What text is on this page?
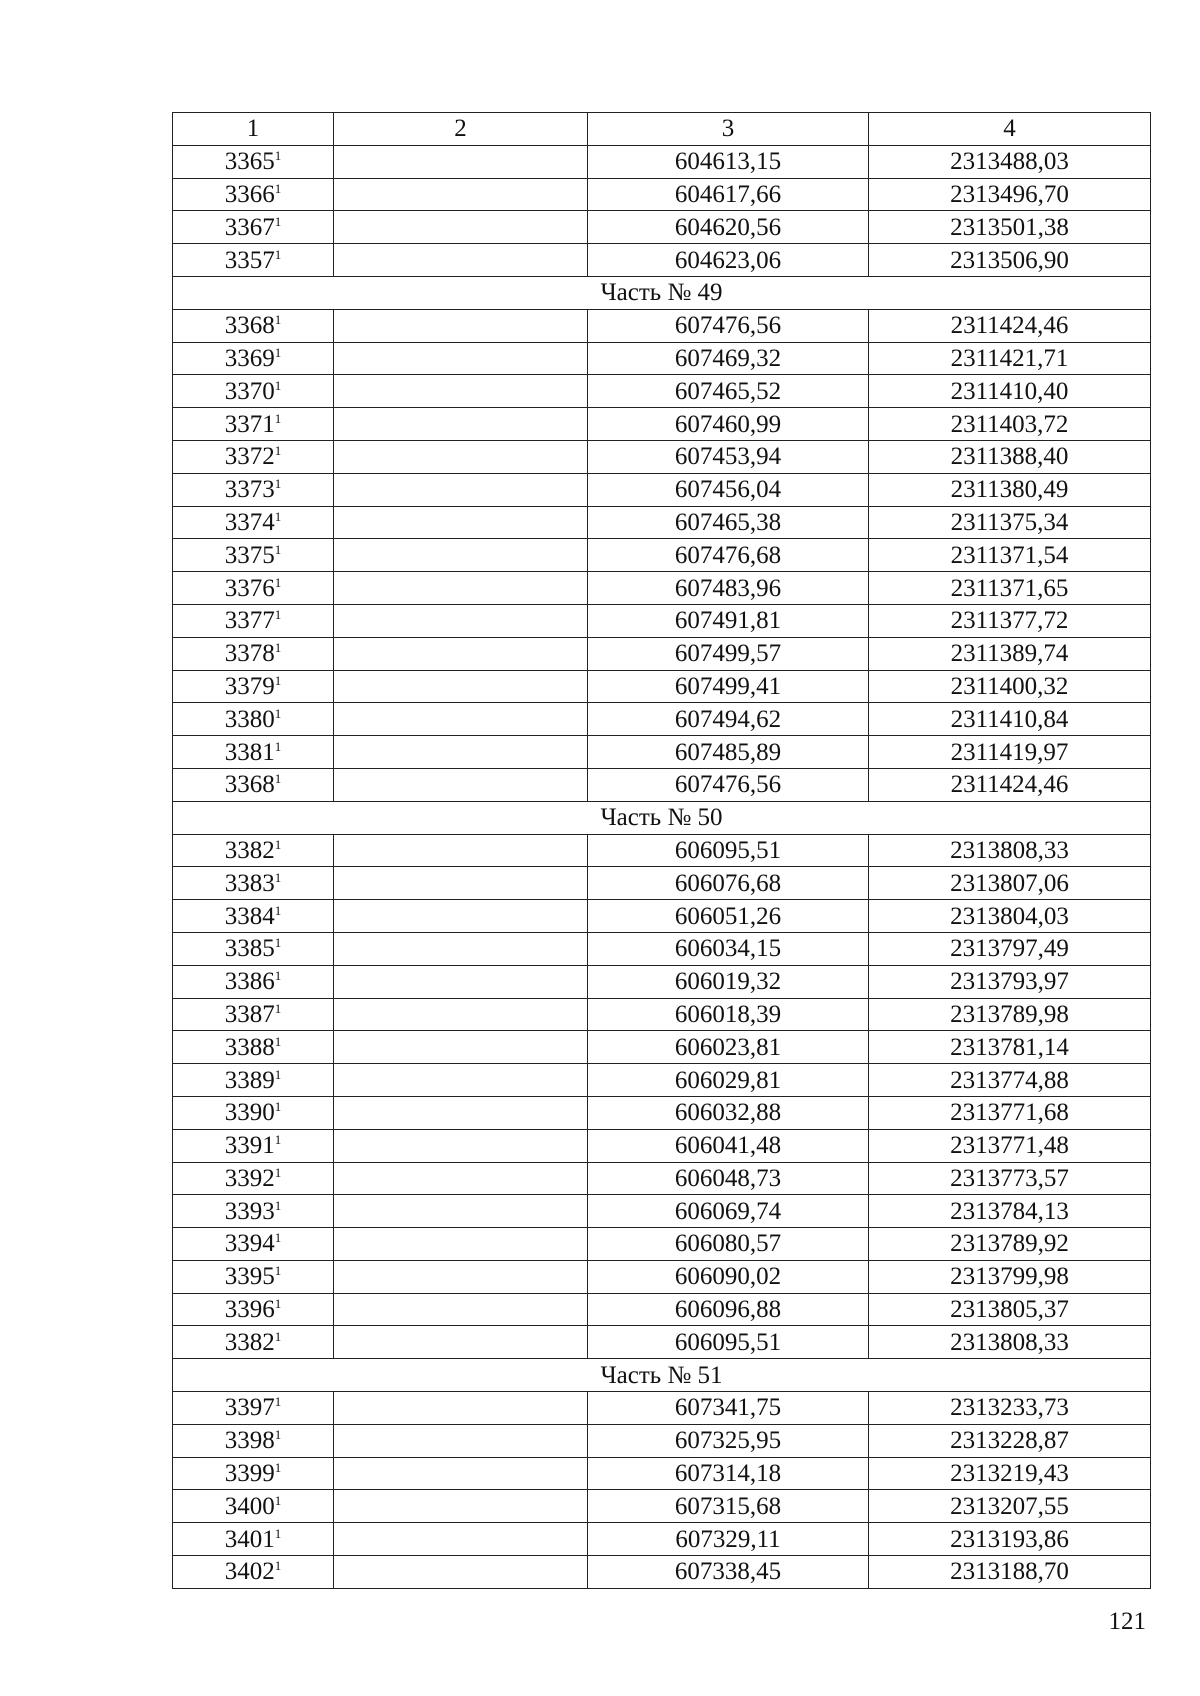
1	2	3	4
3365$^1$		604613,15	2313488,03
3366$^1$		604617,66	2313496,70
3367$^1$		604620,56	2313501,38
3357$^1$		604623,06	2313506,90
Часть № 49			
3368$^1$		607476,56	2311424,46
3369$^1$		607469,32	2311421,71
3370$^1$		607465,52	2311410,40
3371$^1$		607460,99	2311403,72
3372$^1$		607453,94	2311388,40
3373$^1$		607456,04	2311380,49
3374$^1$		607465,38	2311375,34
3375$^1$		607476,68	2311371,54
3376$^1$		607483,96	2311371,65
3377$^1$		607491,81	2311377,72
3378$^1$		607499,57	2311389,74
3379$^1$		607499,41	2311400,32
3380$^1$		607494,62	2311410,84
3381$^1$		607485,89	2311419,97
3368$^1$		607476,56	2311424,46
Часть № 50			
3382$^1$		606095,51	2313808,33
3383$^1$		606076,68	2313807,06
3384$^1$		606051,26	2313804,03
3385$^1$		606034,15	2313797,49
3386$^1$		606019,32	2313793,97
3387$^1$		606018,39	2313789,98
3388$^1$		606023,81	2313781,14
3389$^1$		606029,81	2313774,88
3390$^1$		606032,88	2313771,68
3391$^1$		606041,48	2313771,48
3392$^1$		606048,73	2313773,57
3393$^1$		606069,74	2313784,13
3394$^1$		606080,57	2313789,92
3395$^1$		606090,02	2313799,98
3396$^1$		606096,88	2313805,37
3382$^1$		606095,51	2313808,33
Часть № 51			
3397$^1$		607341,75	2313233,73
3398$^1$		607325,95	2313228,87
3399$^1$		607314,18	2313219,43
3400$^1$		607315,68	2313207,55
3401$^1$		607329,11	2313193,86
3402$^1$		607338,45	2313188,70
121
